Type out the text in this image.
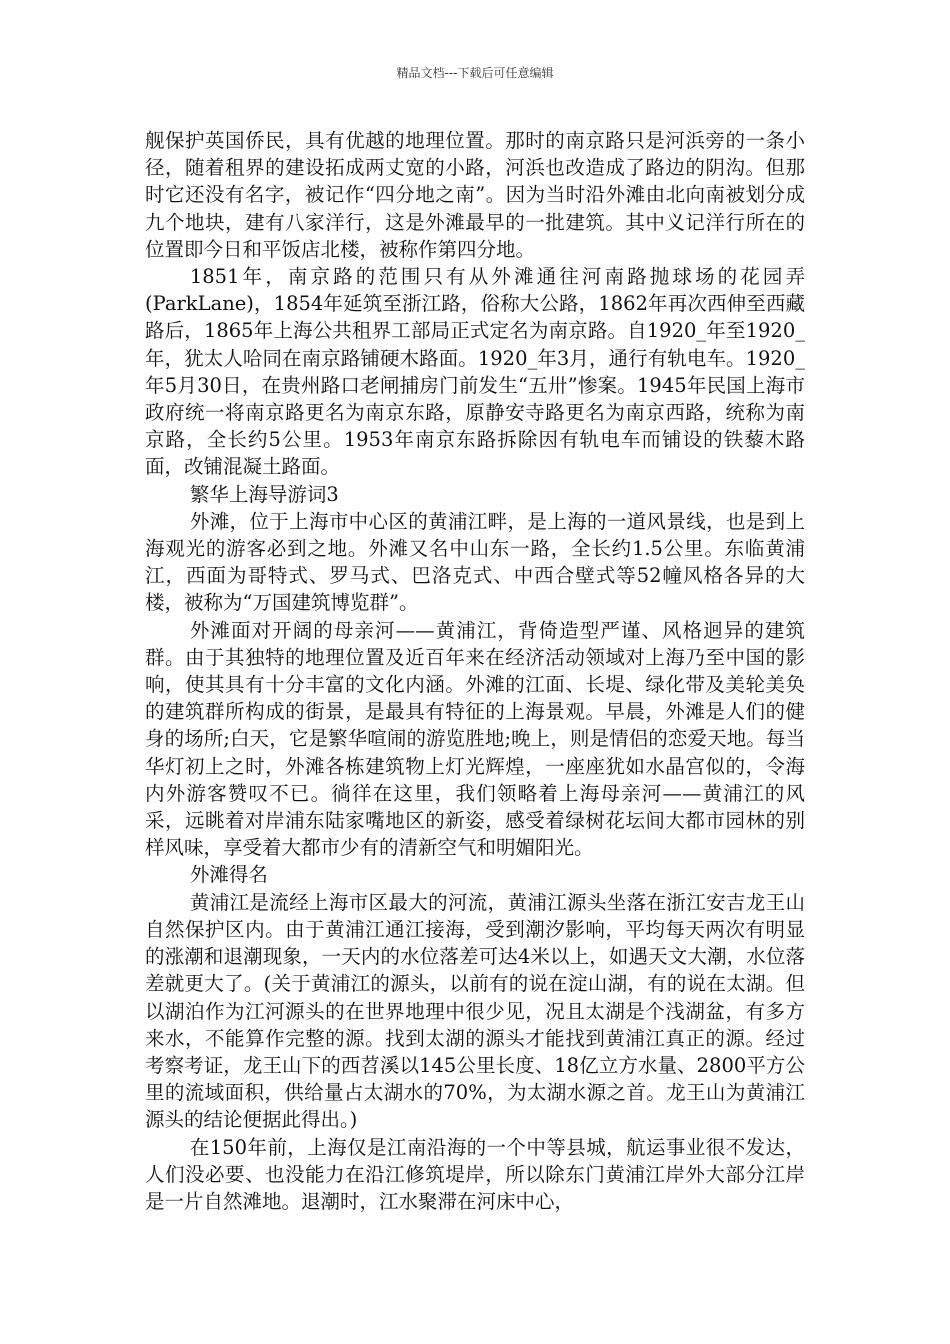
精品文档---下载后可任意编辑

舰保护英国侨民，具有优越的地理位置。那时的南京路只是河浜旁的一条小径，随着租界的建设拓成两丈宽的小路，河浜也改造成了路边的阴沟。但那时它还没有名字，被记作“四分地之南”。因为当时沿外滩由北向南被划分成九个地块，建有八家洋行，这是外滩最早的一批建筑。其中义记洋行所在的位置即今日和平饭店北楼，被称作第四分地。

1851年，南京路的范围只有从外滩通往河南路抛球场的花园弄(ParkLane)，1854年延筑至浙江路，俗称大公路，1862年再次西伸至西藏路后，1865年上海公共租界工部局正式定名为南京路。自1920_年至1920_年，犹太人哈同在南京路铺硬木路面。1920_年3月，通行有轨电车。1920_年5月30日，在贵州路口老闸捕房门前发生“五卅”惨案。1945年民国上海市政府统一将南京路更名为南京东路，原静安寺路更名为南京西路，统称为南京路，全长约5公里。1953年南京东路拆除因有轨电车而铺设的铁藜木路面，改铺混凝土路面。

繁华上海导游词3

外滩，位于上海市中心区的黄浦江畔，是上海的一道风景线，也是到上海观光的游客必到之地。外滩又名中山东一路，全长约1.5公里。东临黄浦江，西面为哥特式、罗马式、巴洛克式、中西合壁式等52幢风格各异的大楼，被称为“万国建筑博览群”。

外滩面对开阔的母亲河——黄浦江，背倚造型严谨、风格迥异的建筑群。由于其独特的地理位置及近百年来在经济活动领域对上海乃至中国的影响，使其具有十分丰富的文化内涵。外滩的江面、长堤、绿化带及美轮美奂的建筑群所构成的街景，是最具有特征的上海景观。早晨，外滩是人们的健身的场所;白天，它是繁华喧闹的游览胜地;晚上，则是情侣的恋爱天地。每当华灯初上之时，外滩各栋建筑物上灯光辉煌，一座座犹如水晶宫似的，令海内外游客赞叹不已。徜徉在这里，我们领略着上海母亲河——黄浦江的风采，远眺着对岸浦东陆家嘴地区的新姿，感受着绿树花坛间大都市园林的别样风味，享受着大都市少有的清新空气和明媚阳光。

外滩得名

黄浦江是流经上海市区最大的河流，黄浦江源头坐落在浙江安吉龙王山自然保护区内。由于黄浦江通江接海，受到潮汐影响，平均每天两次有明显的涨潮和退潮现象，一天内的水位落差可达4米以上，如遇天文大潮，水位落差就更大了。(关于黄浦江的源头，以前有的说在淀山湖，有的说在太湖。但以湖泊作为江河源头的在世界地理中很少见，况且太湖是个浅湖盆，有多方来水，不能算作完整的源。找到太湖的源头才能找到黄浦江真正的源。经过考察考证，龙王山下的西苕溪以145公里长度、18亿立方水量、2800平方公里的流域面积，供给量占太湖水的70%，为太湖水源之首。龙王山为黄浦江源头的结论便据此得出。)

在150年前，上海仅是江南沿海的一个中等县城，航运事业很不发达，人们没必要、也没能力在沿江修筑堤岸，所以除东门黄浦江岸外大部分江岸是一片自然滩地。退潮时，江水聚滞在河床中心，
